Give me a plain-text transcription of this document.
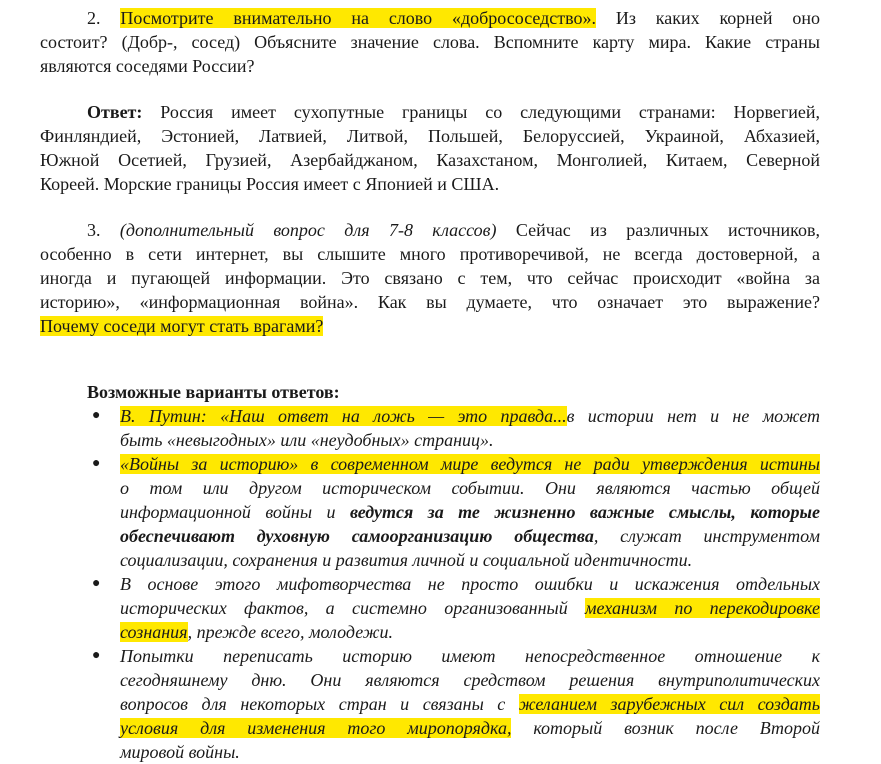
2. Посмотрите внимательно на слово «добрососедство». Из каких корней оно
состоит? (Добр-, сосед) Объясните значение слова. Вспомните карту мира. Какие страны
являются соседями России?
Ответ: Россия имеет сухопутные границы со следующими странами: Норвегией,
Финляндией, Эстонией, Латвией, Литвой, Польшей, Белоруссией, Украиной, Абхазией,
Южной Осетией, Грузией, Азербайджаном, Казахстаном, Монголией, Китаем, Северной
Кореей. Морские границы Россия имеет с Японией и США.
3. (дополнительный вопрос для 7-8 классов) Сейчас из различных источников,
особенно в сети интернет, вы слышите много противоречивой, не всегда достоверной, а
иногда и пугающей информации. Это связано с тем, что сейчас происходит «война за
историю», «информационная война». Как вы думаете, что означает это выражение?
Почему соседи могут стать врагами?
Возможные варианты ответов:
● В. Путин: «Наш ответ на ложь — это правда...в истории нет и не может
быть «невыгодных» или «неудобных» страниц».
● «Войны за историю» в современном мире ведутся не ради утверждения истины
о том или другом историческом событии. Они являются частью общей
информационной войны и ведутся за те жизненно важные смыслы, которые
обеспечивают духовную самоорганизацию общества, служат инструментом
социализации, сохранения и развития личной и социальной идентичности.
● В основе этого мифотворчества не просто ошибки и искажения отдельных
исторических фактов, а системно организованный механизм по перекодировке
сознания, прежде всего, молодежи.
● Попытки переписать историю имеют непосредственное отношение к
сегодняшнему дню. Они являются средством решения внутриполитических
вопросов для некоторых стран и связаны с желанием зарубежных сил создать
условия для изменения того миропорядка, который возник после Второй
мировой войны.
